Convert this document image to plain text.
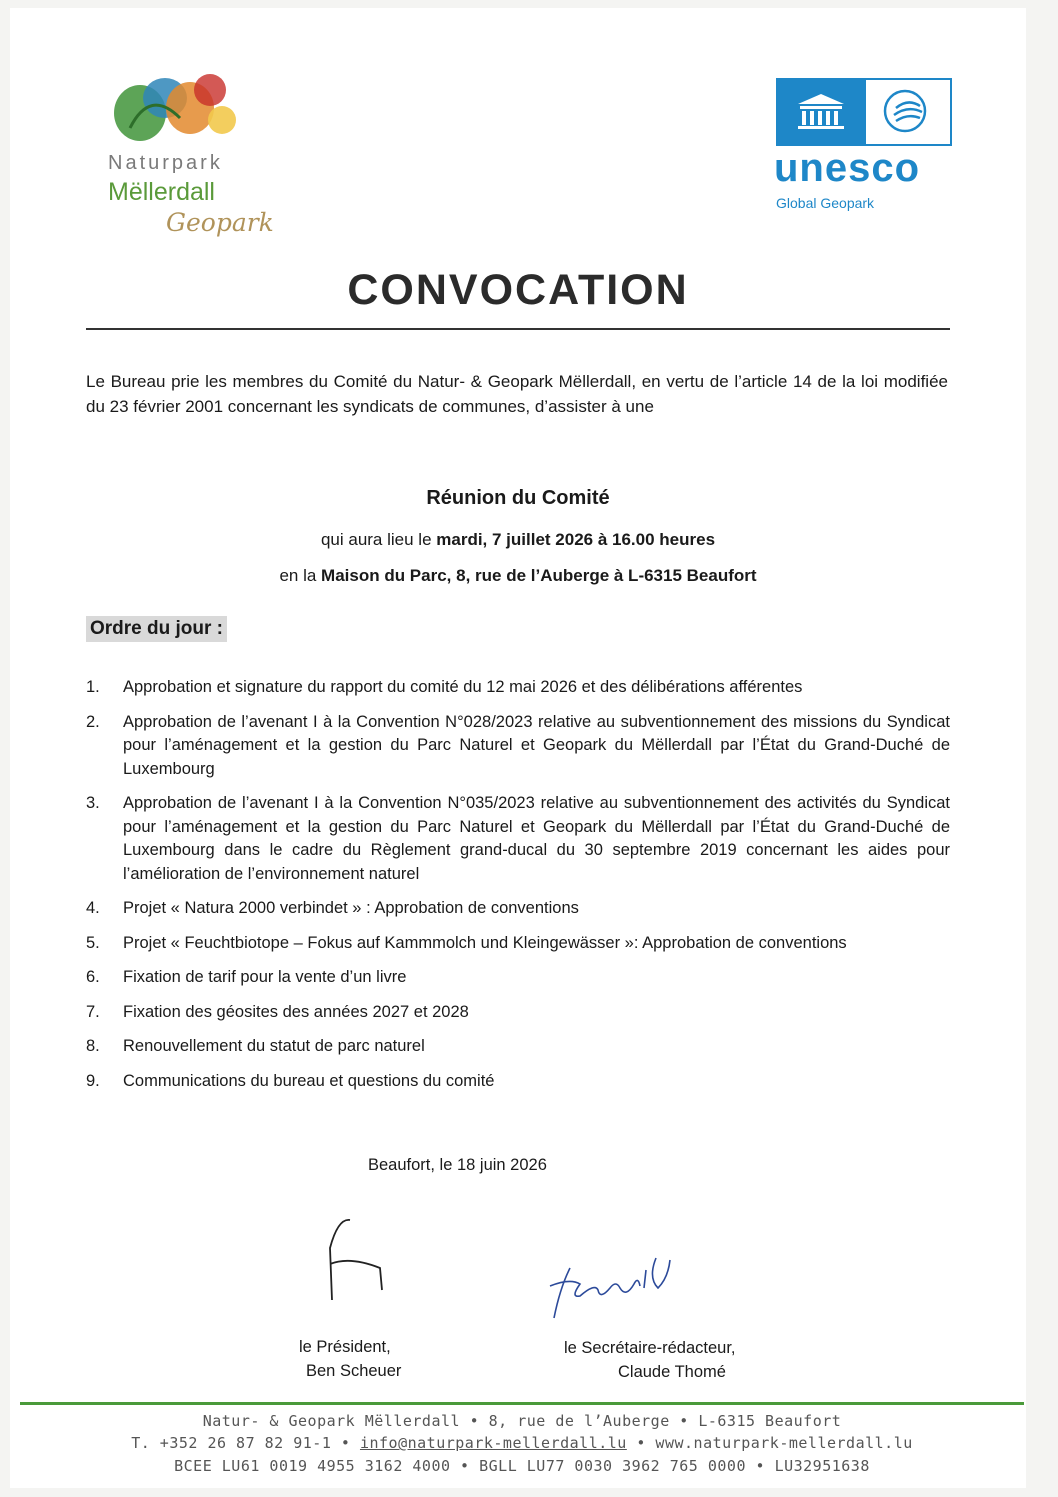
Naturpark
Mëllerdall
Geopark
unesco
Global Geopark
CONVOCATION
Le Bureau prie les membres du Comité du Natur- & Geopark Mëllerdall, en vertu de l’article 14 de la loi modifiée du 23 février 2001 concernant les syndicats de communes, d’assister à une
Réunion du Comité
qui aura lieu le mardi, 7 juillet 2026 à 16.00 heures
en la Maison du Parc, 8, rue de l’Auberge à L-6315 Beaufort
Ordre du jour :
1. Approbation et signature du rapport du comité du 12 mai 2026 et des délibérations afférentes
2. Approbation de l’avenant I à la Convention N°028/2023 relative au subventionnement des missions du Syndicat pour l’aménagement et la gestion du Parc Naturel et Geopark du Mëllerdall par l’État du Grand-Duché de Luxembourg
3. Approbation de l’avenant I à la Convention N°035/2023 relative au subventionnement des activités du Syndicat pour l’aménagement et la gestion du Parc Naturel et Geopark du Mëllerdall par l’État du Grand-Duché de Luxembourg dans le cadre du Règlement grand-ducal du 30 septembre 2019 concernant les aides pour l’amélioration de l’environnement naturel
4. Projet « Natura 2000 verbindet » : Approbation de conventions
5. Projet « Feuchtbiotope – Fokus auf Kammmolch und Kleingewässer »: Approbation de conventions
6. Fixation de tarif pour la vente d’un livre
7. Fixation des géosites des années 2027 et 2028
8. Renouvellement du statut de parc naturel
9. Communications du bureau et questions du comité
Beaufort, le 18 juin 2026
le Président,
Ben Scheuer
le Secrétaire-rédacteur,
Claude Thomé
Natur- & Geopark Mëllerdall • 8, rue de l’Auberge • L-6315 Beaufort
T. +352 26 87 82 91-1 • info@naturpark-mellerdall.lu • www.naturpark-mellerdall.lu
BCEE LU61 0019 4955 3162 4000 • BGLL LU77 0030 3962 765 0000 • LU32951638
